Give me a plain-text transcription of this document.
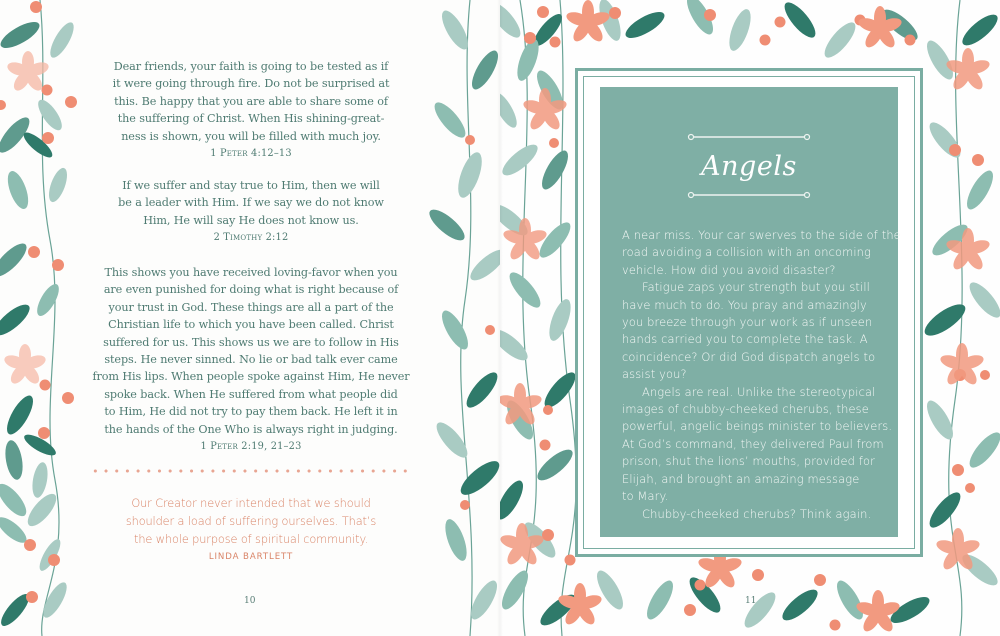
Dear friends, your faith is going to be tested as if

it were going through fire. Do not be surprised at

this. Be happy that you are able to share some of

the suffering of Christ. When His shining-great-

ness is shown, you will be filled with much joy.

1 Peter 4:12–13

If we suffer and stay true to Him, then we will

be a leader with Him. If we say we do not know

Him, He will say He does not know us.

2 Timothy 2:12

This shows you have received loving-favor when you

are even punished for doing what is right because of

your trust in God. These things are all a part of the

Christian life to which you have been called. Christ

suffered for us. This shows us we are to follow in His

steps. He never sinned. No lie or bad talk ever came

from His lips. When people spoke against Him, He never

spoke back. When He suffered from what people did

to Him, He did not try to pay them back. He left it in

the hands of the One Who is always right in judging.

1 Peter 2:19, 21–23

Our Creator never intended that we should

shoulder a load of suffering ourselves. That’s

the whole purpose of spiritual community.

LINDA BARTLETT
10
Angels

A near miss. Your car swerves to the side of the

road avoiding a collision with an oncoming

vehicle. How did you avoid disaster?

Fatigue zaps your strength but you still

have much to do. You pray and amazingly

you breeze through your work as if unseen

hands carried you to complete the task. A

coincidence? Or did God dispatch angels to

assist you?

Angels are real. Unlike the stereotypical

images of chubby-cheeked cherubs, these

powerful, angelic beings minister to believers.

At God’s command, they delivered Paul from

prison, shut the lions’ mouths, provided for

Elijah, and brought an amazing message

to Mary.

Chubby-cheeked cherubs? Think again.

11
